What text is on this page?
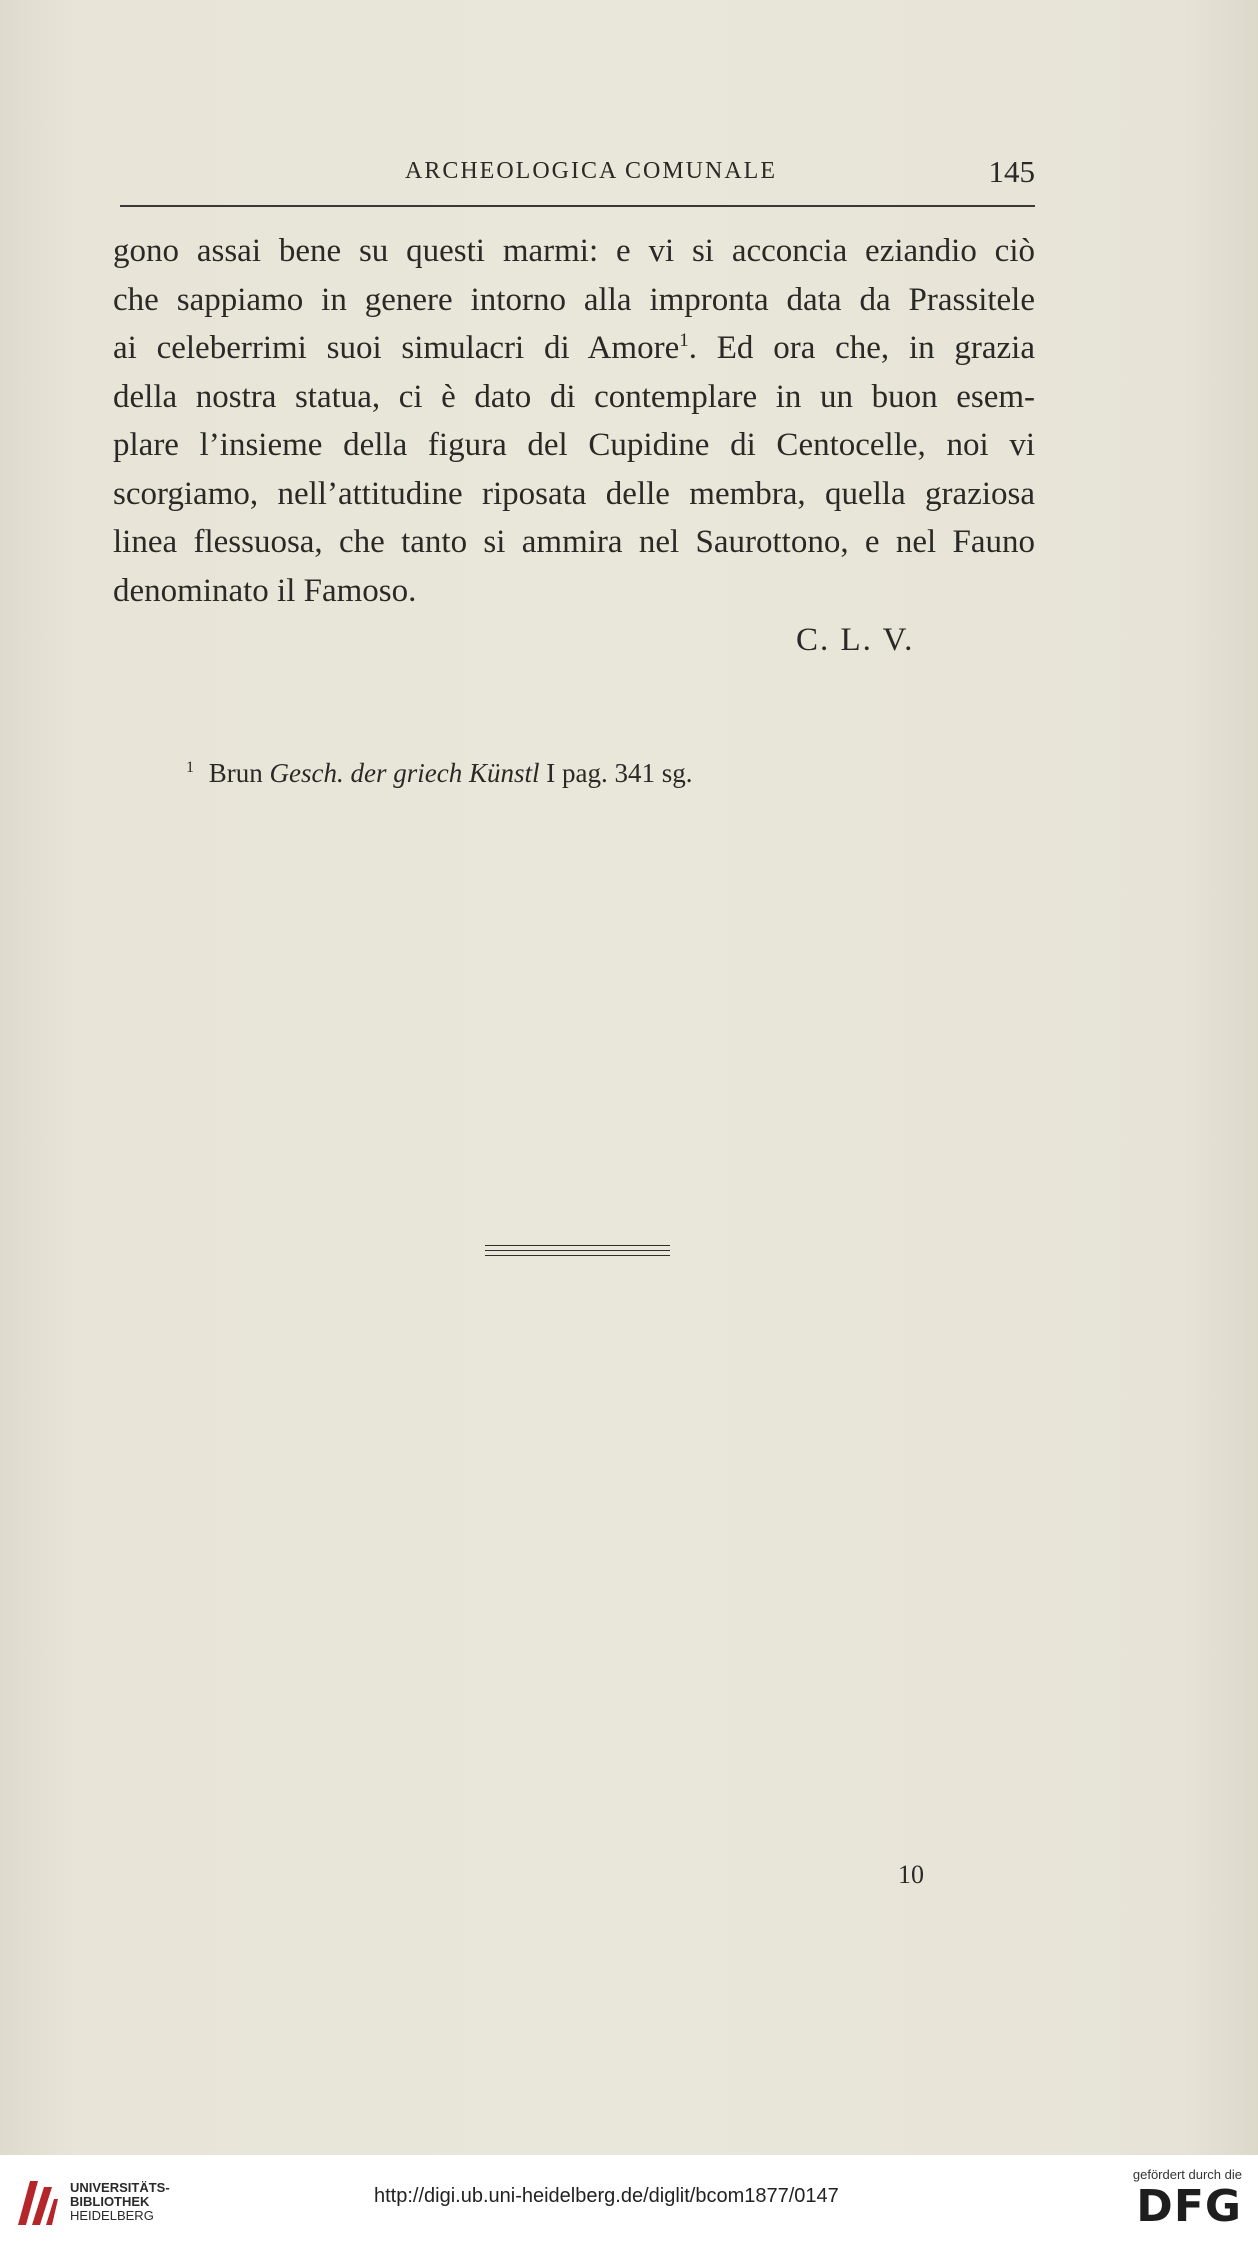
ARCHEOLOGICA COMUNALE	145
gono assai bene su questi marmi: e vi si acconcia eziandio ciò
che sappiamo in genere intorno alla impronta data da Prassitele
ai celeberrimi suoi simulacri di Amore$^1$. Ed ora che, in grazia
della nostra statua, ci è dato di contemplare in un buon esem-
plare l’insieme della figura del Cupidine di Centocelle, noi vi
scorgiamo, nell’attitudine riposata delle membra, quella graziosa
linea flessuosa, che tanto si ammira nel Saurottono, e nel Fauno
denominato il Famoso.
C. L. V.
$^1$ Brun Gesch. der griech Künstl I pag. 341 sg.
10
UNIVERSITÄTS-
BIBLIOTHEK
HEIDELBERG
http://digi.ub.uni-heidelberg.de/diglit/bcom1877/0147
gefördert durch die
DFG
